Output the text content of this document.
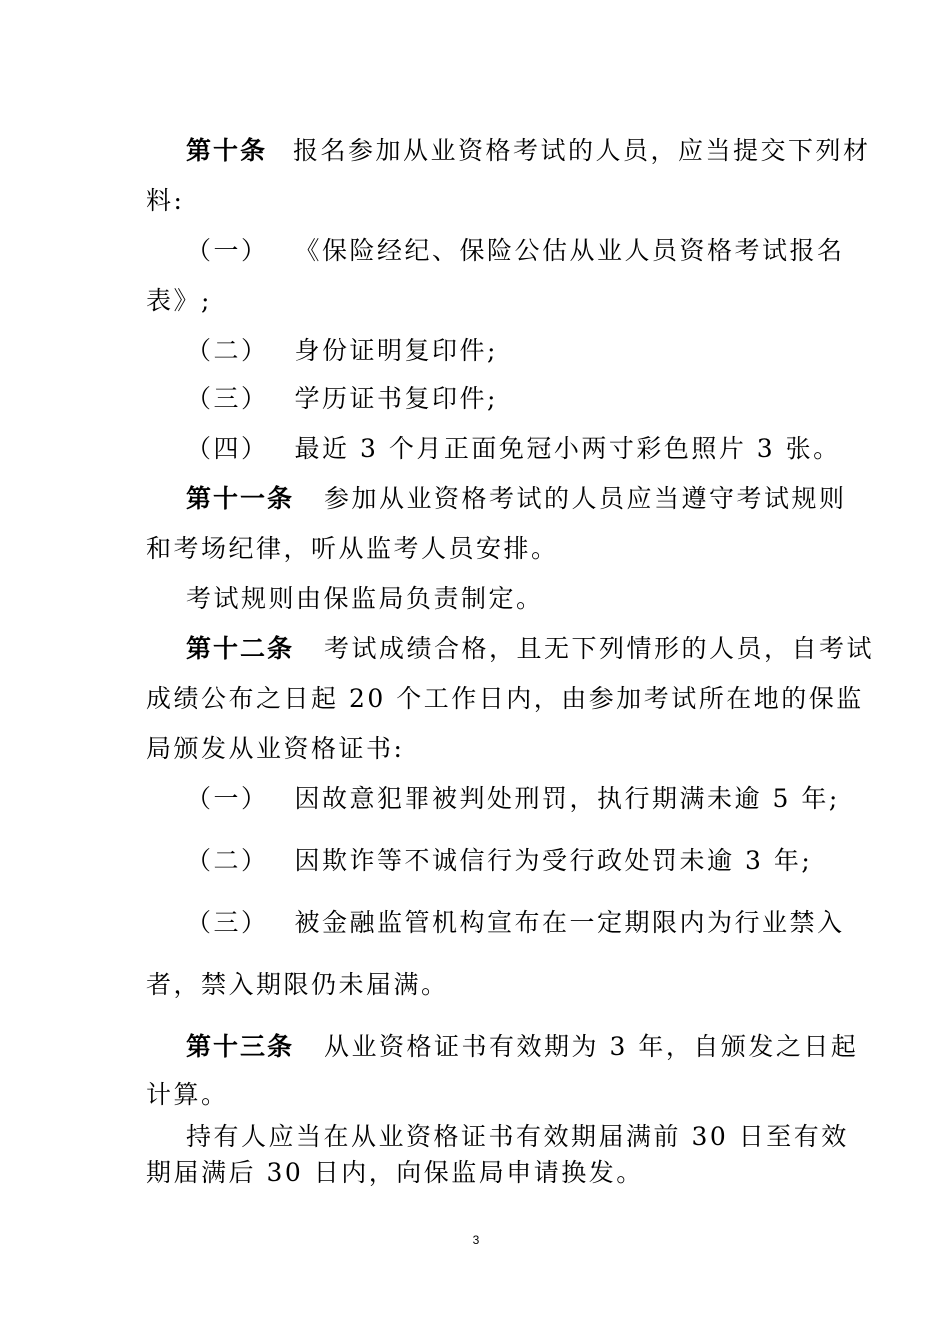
第十条 报名参加从业资格考试的人员，应当提交下列材
料:
（一） 《保险经纪、保险公估从业人员资格考试报名
表》;
（二） 身份证明复印件;
（三） 学历证书复印件;
（四） 最近 3 个月正面免冠小两寸彩色照片 3 张。
第十一条 参加从业资格考试的人员应当遵守考试规则
和考场纪律，听从监考人员安排。
考试规则由保监局负责制定。
第十二条 考试成绩合格，且无下列情形的人员，自考试
成绩公布之日起 20 个工作日内，由参加考试所在地的保监
局颁发从业资格证书:
（一） 因故意犯罪被判处刑罚，执行期满未逾 5 年;
（二） 因欺诈等不诚信行为受行政处罚未逾 3 年;
（三） 被金融监管机构宣布在一定期限内为行业禁入
者，禁入期限仍未届满。
第十三条 从业资格证书有效期为 3 年，自颁发之日起
计算。
持有人应当在从业资格证书有效期届满前 30 日至有效
期届满后 30 日内，向保监局申请换发。
3
